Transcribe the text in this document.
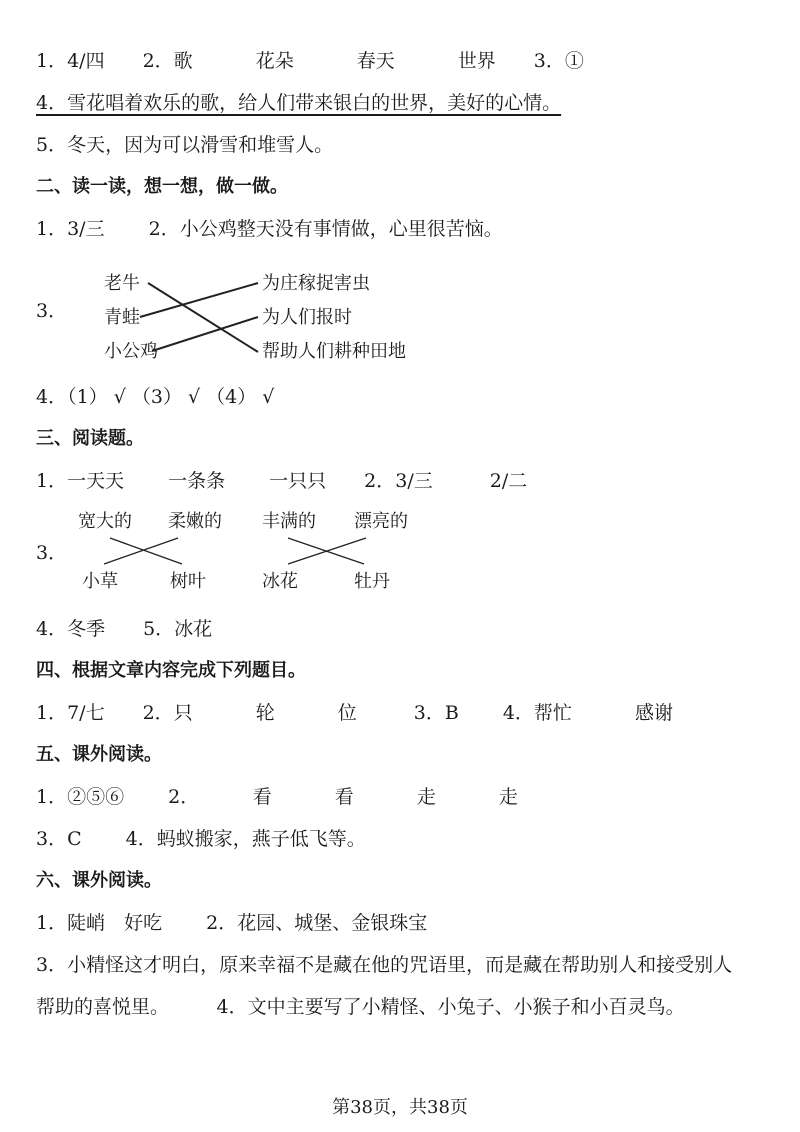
1．4/四　　2．歌　　　 花朵　　　 春天　　　 世界　　3．①
4．雪花唱着欢乐的歌，给人们带来银白的世界，美好的心情。
5．冬天，因为可以滑雪和堆雪人。
二、读一读，想一想，做一做。
1．3/三　　 2．小公鸡整天没有事情做，心里很苦恼。
3．
老牛
青蛙
小公鸡
为庄稼捉害虫
为人们报时
帮助人们耕种田地
4．（1） √ （3） √ （4） √
三、阅读题。
1．一天天　　 一条条　　 一只只　　2．3/三　　　2/二
3．
宽大的 柔嫩的 丰满的 漂亮的
小草	树叶	冰花	牡丹
4．冬季　　5．冰花
四、根据文章内容完成下列题目。
1．7/七　　2．只　　　 轮　　　 位　　　3．B　　 4．帮忙　　　 感谢
五、课外阅读。
1．②⑤⑥　　 2．　　　 看　　　 看　　　 走　　　 走
3．C　　 4．蚂蚁搬家，燕子低飞等。
六、课外阅读。
1．陡峭　好吃　　 2．花园、城堡、金银珠宝
3．小精怪这才明白，原来幸福不是藏在他的咒语里，而是藏在帮助别人和接受别人
帮助的喜悦里。　　　4．文中主要写了小精怪、小兔子、小猴子和小百灵鸟。
第38页，共38页
